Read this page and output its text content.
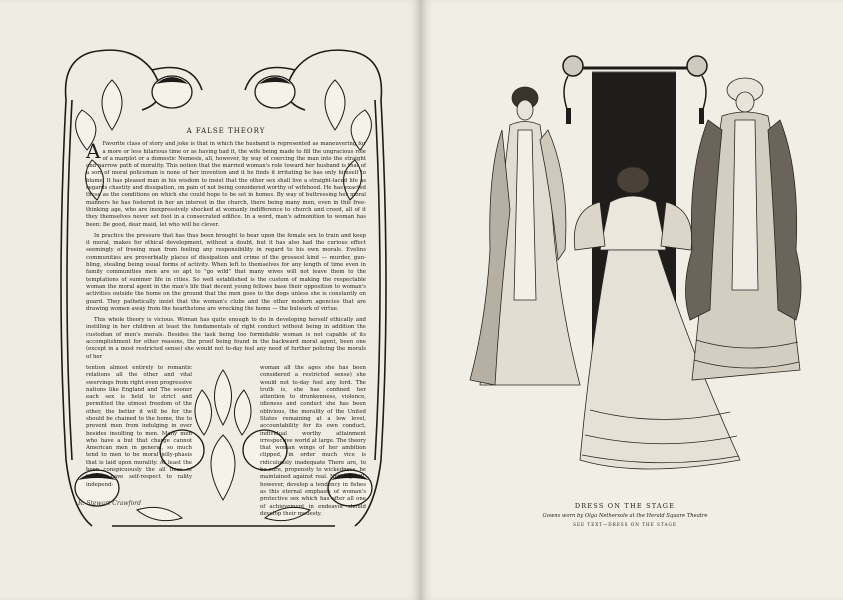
A FALSE THEORY

A Favorite class of story and joke is that in which the husband is represented as maneuvering for a more or less hilarious time or as having had it, the wife being made to fill the ungracious role of a marplot or a domestic Nemesis, all, however, by way of coercing the man into the straight and narrow path of morality. This notion that the married woman's role toward her husband is that of a sort of moral policeman is none of her invention and it he finds it irritating he has only himself to blame. It has pleased man in his wisdom to insist that the other sex shall live a straight-laced life as regards chastity and dissipation, on pain of not being considered worthy of wifehood. He has exacted these as the conditions on which she could hope to be set in homes. By way of buttressing her moral manners he has fostered in her an interest in the church, there being many men, even in this free-thinking age, who are inexpressively shocked at womanly indifference to church and creed, all of it they themselves never set foot in a consecrated edifice. In a word, man's admonition to woman has been: Be good, dear maid, let who will be clever.

In practice the pressure that has thus been brought to bear upon the female sex to train and keep it moral, makes for ethical development, without a doubt, but it has also had the curious effect seemingly of freeing man from feeling any responsibility in regard to his own morals. Evelins communities are proverbially places of dissipation and crime of the grossest kind — murder, gun-bling, stealing being usual forms of activity. When left to themselves for any length of time even in family communities men are so apt to "go wild" that many wives will not leave them to the temptations of summer life in cities. So well established is the custom of making the respectable woman the moral agent in the man's life that decent young fellows base their opposition to woman's activities outside the home on the ground that the men goes to the dogs unless she is constantly on guard. They pathetically insist that the woman's clubs and the other modern agencies that are drawing women away from the hearthstone are wrecking the home — the bulwark of virtue.

This whole theory is vicious. Woman has quite enough to do in developing herself ethically and instilling in her children at least the fundamentals of right conduct without being in addition the custodian of men's morals. Besides the task being too formidable woman is not capable of its accomplishment for other reasons, the proof being found in the backward moral agent, been one (except in a most restricted sense) she would not to-day feel any need of further policing the morals of her

tention almost entirely to romantic relations all the other and vital swervings from right even progressive nations like England and The sooner each sex is held to strict and permitted the utmost freedom of the other, the better it will be for the should be chained to the home, the to prevent men from indulging in over besides insulting to men. Many men who have a but that charge cannot American men in general, so much tend to men to be moral jelly-phasis that is laid upon morality. At least the been conspicuously the all lines of human have self-respect to rality independ-
woman all the ages she has been considered a restricted sense) she would not to-day feel any lord. The truth is, she has confined her attention to drunkenness, violence, idleness and conduct she has been oblivious, the morality of the United States remaining at a low level, accountability for its own conduct, individual worthy attainment irrespective world at large. The theory that woman wings of her ambition clipped, in order much vice is ridiculously inadequate There are, to be sure, propensity to wickedness, be maintained against real. Nothing will, however, develop a tendency in fishes as this eternal emphasis of woman's protective sex which has after all one of achievement in endeavor should develop their modesty.
R. Stewart Crawford	DRESS ON THE STAGE
Gowns worn by Olga Nethersole at the Herald Square Theatre
SEE TEXT—DRESS ON THE STAGE
